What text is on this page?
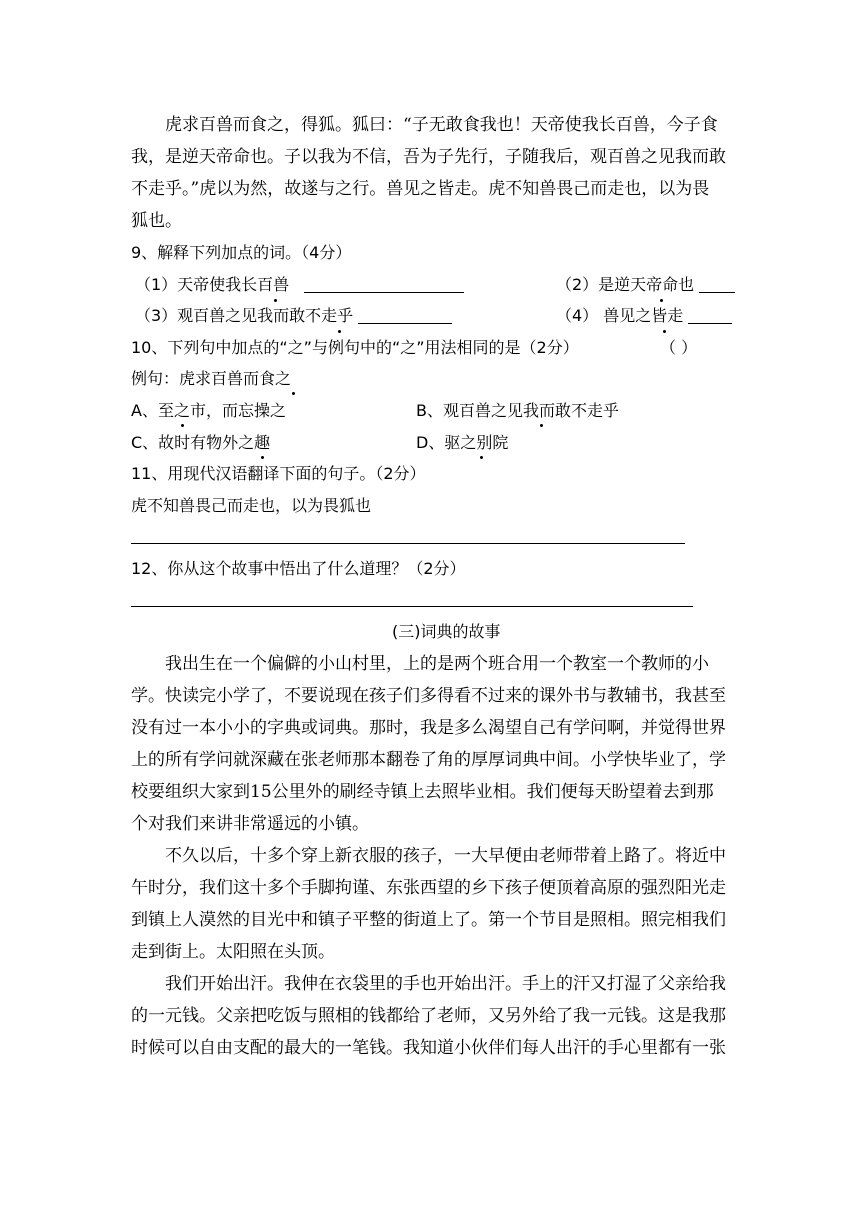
虎求百兽而食之，得狐。狐曰：“子无敢食我也！天帝使我长百兽，今子食
我，是逆天帝命也。子以我为不信，吾为子先行，子随我后，观百兽之见我而敢
不走乎。”虎以为然，故遂与之行。兽见之皆走。虎不知兽畏己而走也，以为畏
狐也。
9、解释下列加点的词。（4分）
（1）天帝使我长百兽	（2）是逆天帝命也
（3）观百兽之见我而敢不走乎	（4） 兽见之皆走
10、下列句中加点的“之”与例句中的“之”用法相同的是（2分）	（ ）
例句：虎求百兽而食之
A、至之市，而忘操之	B、观百兽之见我而敢不走乎
C、故时有物外之趣	D、驱之别院
11、用现代汉语翻译下面的句子。（2分）
虎不知兽畏己而走也，以为畏狐也
12、你从这个故事中悟出了什么道理？（2分）
(三)词典的故事
我出生在一个偏僻的小山村里，上的是两个班合用一个教室一个教师的小
学。快读完小学了，不要说现在孩子们多得看不过来的课外书与教辅书，我甚至
没有过一本小小的字典或词典。那时，我是多么渴望自己有学问啊，并觉得世界
上的所有学问就深藏在张老师那本翻卷了角的厚厚词典中间。小学快毕业了，学
校要组织大家到15公里外的刷经寺镇上去照毕业相。我们便每天盼望着去到那
个对我们来讲非常遥远的小镇。
不久以后，十多个穿上新衣服的孩子，一大早便由老师带着上路了。将近中
午时分，我们这十多个手脚拘谨、东张西望的乡下孩子便顶着高原的强烈阳光走
到镇上人漠然的目光中和镇子平整的街道上了。第一个节目是照相。照完相我们
走到街上。太阳照在头顶。
我们开始出汗。我伸在衣袋里的手也开始出汗。手上的汗又打湿了父亲给我
的一元钱。父亲把吃饭与照相的钱都给了老师，又另外给了我一元钱。这是我那
时候可以自由支配的最大的一笔钱。我知道小伙伴们每人出汗的手心里都有一张
